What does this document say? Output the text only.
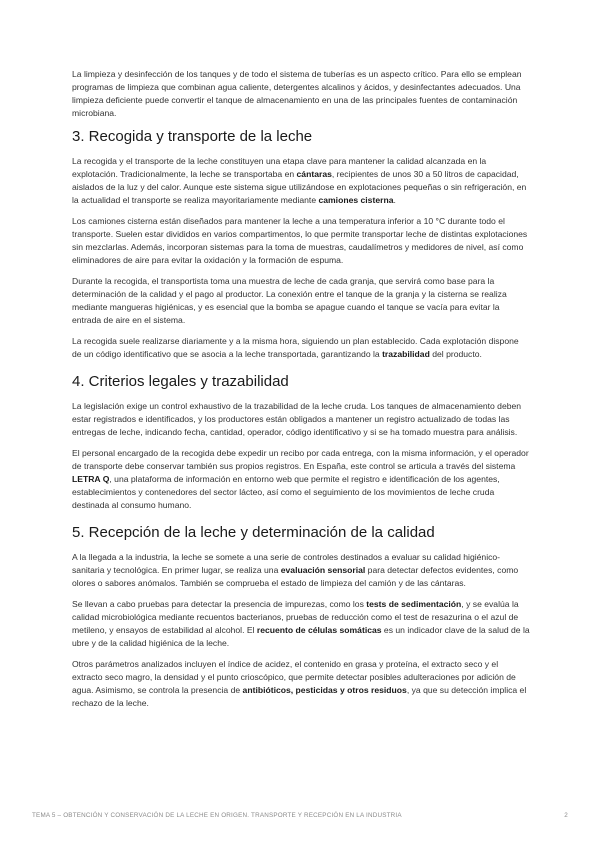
La limpieza y desinfección de los tanques y de todo el sistema de tuberías es un aspecto crítico. Para ello se emplean programas de limpieza que combinan agua caliente, detergentes alcalinos y ácidos, y desinfectantes adecuados. Una limpieza deficiente puede convertir el tanque de almacenamiento en una de las principales fuentes de contaminación microbiana.

3. Recogida y transporte de la leche

La recogida y el transporte de la leche constituyen una etapa clave para mantener la calidad alcanzada en la explotación. Tradicionalmente, la leche se transportaba en cántaras, recipientes de unos 30 a 50 litros de capacidad, aislados de la luz y del calor. Aunque este sistema sigue utilizándose en explotaciones pequeñas o sin refrigeración, en la actualidad el transporte se realiza mayoritariamente mediante camiones cisterna.

Los camiones cisterna están diseñados para mantener la leche a una temperatura inferior a 10 °C durante todo el transporte. Suelen estar divididos en varios compartimentos, lo que permite transportar leche de distintas explotaciones sin mezclarlas. Además, incorporan sistemas para la toma de muestras, caudalímetros y medidores de nivel, así como eliminadores de aire para evitar la oxidación y la formación de espuma.

Durante la recogida, el transportista toma una muestra de leche de cada granja, que servirá como base para la determinación de la calidad y el pago al productor. La conexión entre el tanque de la granja y la cisterna se realiza mediante mangueras higiénicas, y es esencial que la bomba se apague cuando el tanque se vacía para evitar la entrada de aire en el sistema.

La recogida suele realizarse diariamente y a la misma hora, siguiendo un plan establecido. Cada explotación dispone de un código identificativo que se asocia a la leche transportada, garantizando la trazabilidad del producto.

4. Criterios legales y trazabilidad

La legislación exige un control exhaustivo de la trazabilidad de la leche cruda. Los tanques de almacenamiento deben estar registrados e identificados, y los productores están obligados a mantener un registro actualizado de todas las entregas de leche, indicando fecha, cantidad, operador, código identificativo y si se ha tomado muestra para análisis.

El personal encargado de la recogida debe expedir un recibo por cada entrega, con la misma información, y el operador de transporte debe conservar también sus propios registros. En España, este control se articula a través del sistema LETRA Q, una plataforma de información en entorno web que permite el registro e identificación de los agentes, establecimientos y contenedores del sector lácteo, así como el seguimiento de los movimientos de leche cruda destinada al consumo humano.

5. Recepción de la leche y determinación de la calidad

A la llegada a la industria, la leche se somete a una serie de controles destinados a evaluar su calidad higiénico-sanitaria y tecnológica. En primer lugar, se realiza una evaluación sensorial para detectar defectos evidentes, como olores o sabores anómalos. También se comprueba el estado de limpieza del camión y de las cántaras.

Se llevan a cabo pruebas para detectar la presencia de impurezas, como los tests de sedimentación, y se evalúa la calidad microbiológica mediante recuentos bacterianos, pruebas de reducción como el test de resazurina o el azul de metileno, y ensayos de estabilidad al alcohol. El recuento de células somáticas es un indicador clave de la salud de la ubre y de la calidad higiénica de la leche.

Otros parámetros analizados incluyen el índice de acidez, el contenido en grasa y proteína, el extracto seco y el extracto seco magro, la densidad y el punto crioscópico, que permite detectar posibles adulteraciones por adición de agua. Asimismo, se controla la presencia de antibióticos, pesticidas y otros residuos, ya que su detección implica el rechazo de la leche.

TEMA 5 – OBTENCIÓN Y CONSERVACIÓN DE LA LECHE EN ORIGEN. TRANSPORTE Y RECEPCIÓN EN LA INDUSTRIA	2
